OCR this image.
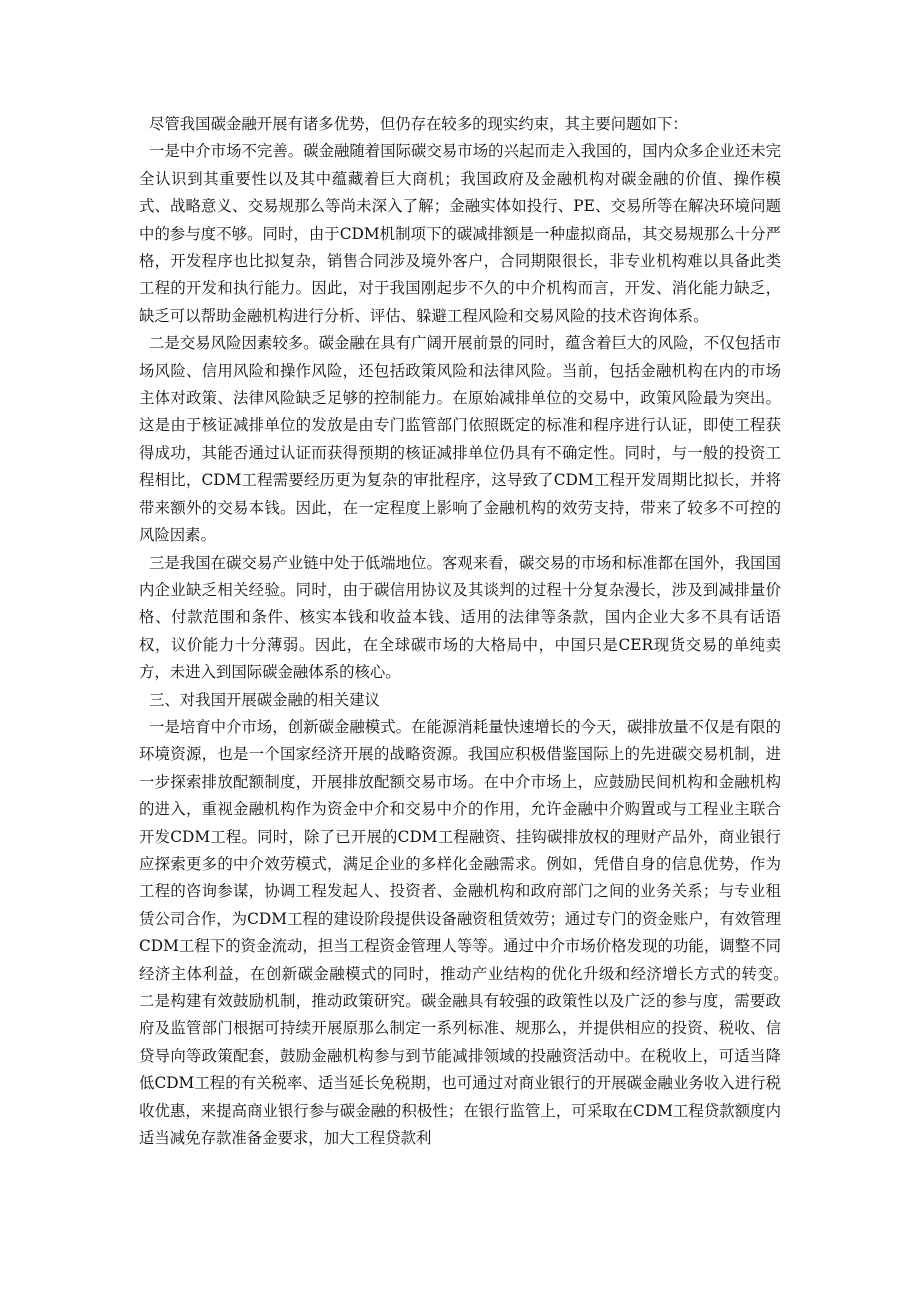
尽管我国碳金融开展有诸多优势，但仍存在较多的现实约束，其主要问题如下：

一是中介市场不完善。碳金融随着国际碳交易市场的兴起而走入我国的，国内众多企业还未完全认识到其重要性以及其中蕴藏着巨大商机；我国政府及金融机构对碳金融的价值、操作模式、战略意义、交易规那么等尚未深入了解；金融实体如投行、PE、交易所等在解决环境问题中的参与度不够。同时，由于CDM机制项下的碳减排额是一种虚拟商品，其交易规那么十分严格，开发程序也比拟复杂，销售合同涉及境外客户，合同期限很长，非专业机构难以具备此类工程的开发和执行能力。因此，对于我国刚起步不久的中介机构而言，开发、消化能力缺乏，缺乏可以帮助金融机构进行分析、评估、躲避工程风险和交易风险的技术咨询体系。

二是交易风险因素较多。碳金融在具有广阔开展前景的同时，蕴含着巨大的风险，不仅包括市场风险、信用风险和操作风险，还包括政策风险和法律风险。当前，包括金融机构在内的市场主体对政策、法律风险缺乏足够的控制能力。在原始减排单位的交易中，政策风险最为突出。这是由于核证减排单位的发放是由专门监管部门依照既定的标准和程序进行认证，即使工程获得成功，其能否通过认证而获得预期的核证减排单位仍具有不确定性。同时，与一般的投资工程相比，CDM工程需要经历更为复杂的审批程序，这导致了CDM工程开发周期比拟长，并将带来额外的交易本钱。因此，在一定程度上影响了金融机构的效劳支持，带来了较多不可控的风险因素。

三是我国在碳交易产业链中处于低端地位。客观来看，碳交易的市场和标准都在国外，我国国内企业缺乏相关经验。同时，由于碳信用协议及其谈判的过程十分复杂漫长，涉及到减排量价格、付款范围和条件、核实本钱和收益本钱、适用的法律等条款，国内企业大多不具有话语权，议价能力十分薄弱。因此，在全球碳市场的大格局中，中国只是CER现货交易的单纯卖方，未进入到国际碳金融体系的核心。

三、对我国开展碳金融的相关建议

一是培育中介市场，创新碳金融模式。在能源消耗量快速增长的今天，碳排放量不仅是有限的环境资源，也是一个国家经济开展的战略资源。我国应积极借鉴国际上的先进碳交易机制，进一步探索排放配额制度，开展排放配额交易市场。在中介市场上，应鼓励民间机构和金融机构的进入，重视金融机构作为资金中介和交易中介的作用，允许金融中介购置或与工程业主联合开发CDM工程。同时，除了已开展的CDM工程融资、挂钩碳排放权的理财产品外，商业银行应探索更多的中介效劳模式，满足企业的多样化金融需求。例如，凭借自身的信息优势，作为工程的咨询参谋，协调工程发起人、投资者、金融机构和政府部门之间的业务关系；与专业租赁公司合作，为CDM工程的建设阶段提供设备融资租赁效劳；通过专门的资金账户，有效管理CDM工程下的资金流动，担当工程资金管理人等等。通过中介市场价格发现的功能，调整不同经济主体利益，在创新碳金融模式的同时，推动产业结构的优化升级和经济增长方式的转变。　二是构建有效鼓励机制，推动政策研究。碳金融具有较强的政策性以及广泛的参与度，需要政府及监管部门根据可持续开展原那么制定一系列标准、规那么，并提供相应的投资、税收、信贷导向等政策配套，鼓励金融机构参与到节能减排领域的投融资活动中。在税收上，可适当降低CDM工程的有关税率、适当延长免税期，也可通过对商业银行的开展碳金融业务收入进行税收优惠，来提高商业银行参与碳金融的积极性；在银行监管上，可采取在CDM工程贷款额度内适当减免存款准备金要求，加大工程贷款利
